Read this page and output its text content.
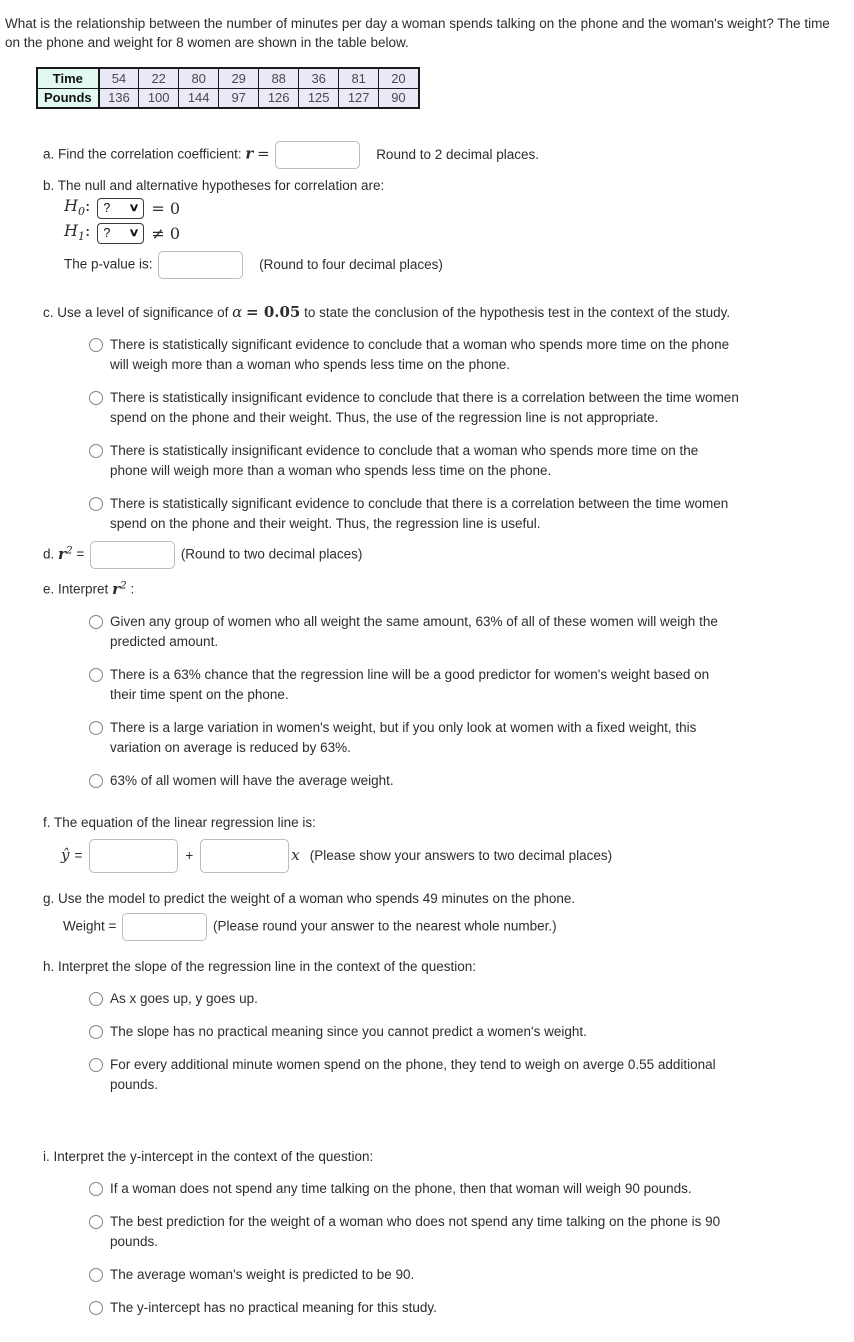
What is the relationship between the number of minutes per day a woman spends talking on the phone and the woman's weight? The time on the phone and weight for 8 women are shown in the table below.

Time	54	22	80	29	88	36	81	20
Pounds	136	100	144	97	126	125	127	90
a. Find the correlation coefficient: r =	Round to 2 decimal places.
b. The null and alternative hypotheses for correlation are:
$H_0$: ? ∨ = 0
$H_1$: ? ∨ ≠ 0
The p-value is:	(Round to four decimal places)
c. Use a level of significance of α = 0.05 to state the conclusion of the hypothesis test in the context of the study.
There is statistically significant evidence to conclude that a woman who spends more time on the phone will weigh more than a woman who spends less time on the phone.
There is statistically insignificant evidence to conclude that there is a correlation between the time women spend on the phone and their weight. Thus, the use of the regression line is not appropriate.
There is statistically insignificant evidence to conclude that a woman who spends more time on the phone will weigh more than a woman who spends less time on the phone.
There is statistically significant evidence to conclude that there is a correlation between the time women spend on the phone and their weight. Thus, the regression line is useful.
d. $r^2$ =	(Round to two decimal places)
e. Interpret $r^2$ :
Given any group of women who all weight the same amount, 63% of all of these women will weigh the predicted amount.
There is a 63% chance that the regression line will be a good predictor for women's weight based on their time spent on the phone.
There is a large variation in women's weight, but if you only look at women with a fixed weight, this variation on average is reduced by 63%.
63% of all women will have the average weight.
f. The equation of the linear regression line is:
ŷ =	+	x (Please show your answers to two decimal places)
g. Use the model to predict the weight of a woman who spends 49 minutes on the phone.
Weight =	(Please round your answer to the nearest whole number.)
h. Interpret the slope of the regression line in the context of the question:
As x goes up, y goes up.
The slope has no practical meaning since you cannot predict a women's weight.
For every additional minute women spend on the phone, they tend to weigh on averge 0.55 additional pounds.
i. Interpret the y-intercept in the context of the question:
If a woman does not spend any time talking on the phone, then that woman will weigh 90 pounds.
The best prediction for the weight of a woman who does not spend any time talking on the phone is 90 pounds.
The average woman's weight is predicted to be 90.
The y-intercept has no practical meaning for this study.
